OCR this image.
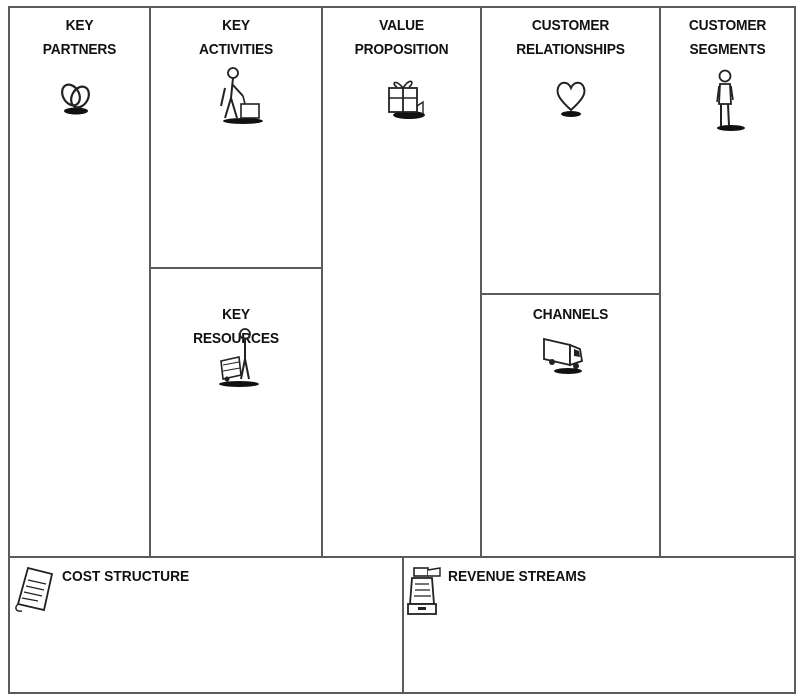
KEY
PARTNERS
KEY
ACTIVITIES
KEY
RESOURCES
VALUE
PROPOSITION
CUSTOMER
RELATIONSHIPS
CHANNELS
CUSTOMER
SEGMENTS
COST STRUCTURE	REVENUE STREAMS
